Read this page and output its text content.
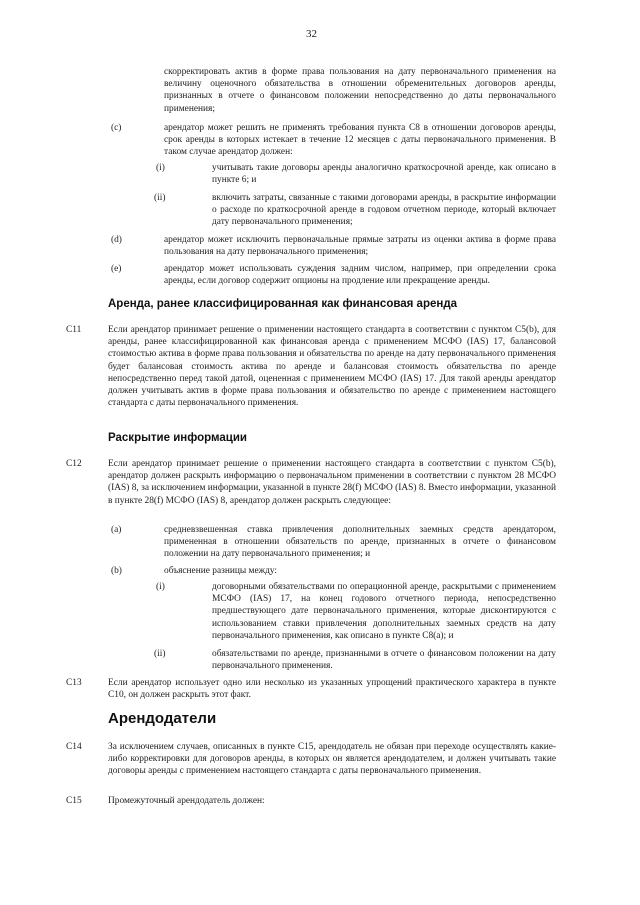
32
скорректировать актив в форме права пользования на дату первоначального применения на величину оценочного обязательства в отношении обременительных договоров аренды, признанных в отчете о финансовом положении непосредственно до даты первоначального применения;
(c)	арендатор может решить не применять требования пункта C8 в отношении договоров аренды, срок аренды в которых истекает в течение 12 месяцев с даты первоначального применения. В таком случае арендатор должен:
(i)	учитывать такие договоры аренды аналогично краткосрочной аренде, как описано в пункте 6; и
(ii)	включить затраты, связанные с такими договорами аренды, в раскрытие информации о расходе по краткосрочной аренде в годовом отчетном периоде, который включает дату первоначального применения;
(d)	арендатор может исключить первоначальные прямые затраты из оценки актива в форме права пользования на дату первоначального применения;
(e)	арендатор может использовать суждения задним числом, например, при определении срока аренды, если договор содержит опционы на продление или прекращение аренды.
Аренда, ранее классифицированная как финансовая аренда
C11	Если арендатор принимает решение о применении настоящего стандарта в соответствии с пунктом C5(b), для аренды, ранее классифицированной как финансовая аренда с применением МСФО (IAS) 17, балансовой стоимостью актива в форме права пользования и обязательства по аренде на дату первоначального применения будет балансовая стоимость актива по аренде и балансовая стоимость обязательства по аренде непосредственно перед такой датой, оцененная с применением МСФО (IAS) 17. Для такой аренды арендатор должен учитывать актив в форме права пользования и обязательство по аренде с применением настоящего стандарта с даты первоначального применения.
Раскрытие информации
C12	Если арендатор принимает решение о применении настоящего стандарта в соответствии с пунктом C5(b), арендатор должен раскрыть информацию о первоначальном применении в соответствии с пунктом 28 МСФО (IAS) 8, за исключением информации, указанной в пункте 28(f) МСФО (IAS) 8. Вместо информации, указанной в пункте 28(f) МСФО (IAS) 8, арендатор должен раскрыть следующее:
(a)	средневзвешенная ставка привлечения дополнительных заемных средств арендатором, примененная в отношении обязательств по аренде, признанных в отчете о финансовом положении на дату первоначального применения; и
(b)	объяснение разницы между:
(i)	договорными обязательствами по операционной аренде, раскрытыми с применением МСФО (IAS) 17, на конец годового отчетного периода, непосредственно предшествующего дате первоначального применения, которые дисконтируются с использованием ставки привлечения дополнительных заемных средств на дату первоначального применения, как описано в пункте C8(a); и
(ii)	обязательствами по аренде, признанными в отчете о финансовом положении на дату первоначального применения.
C13	Если арендатор использует одно или несколько из указанных упрощений практического характера в пункте C10, он должен раскрыть этот факт.
Арендодатели
C14	За исключением случаев, описанных в пункте C15, арендодатель не обязан при переходе осуществлять какие-либо корректировки для договоров аренды, в которых он является арендодателем, и должен учитывать такие договоры аренды с применением настоящего стандарта с даты первоначального применения.
C15	Промежуточный арендодатель должен:
